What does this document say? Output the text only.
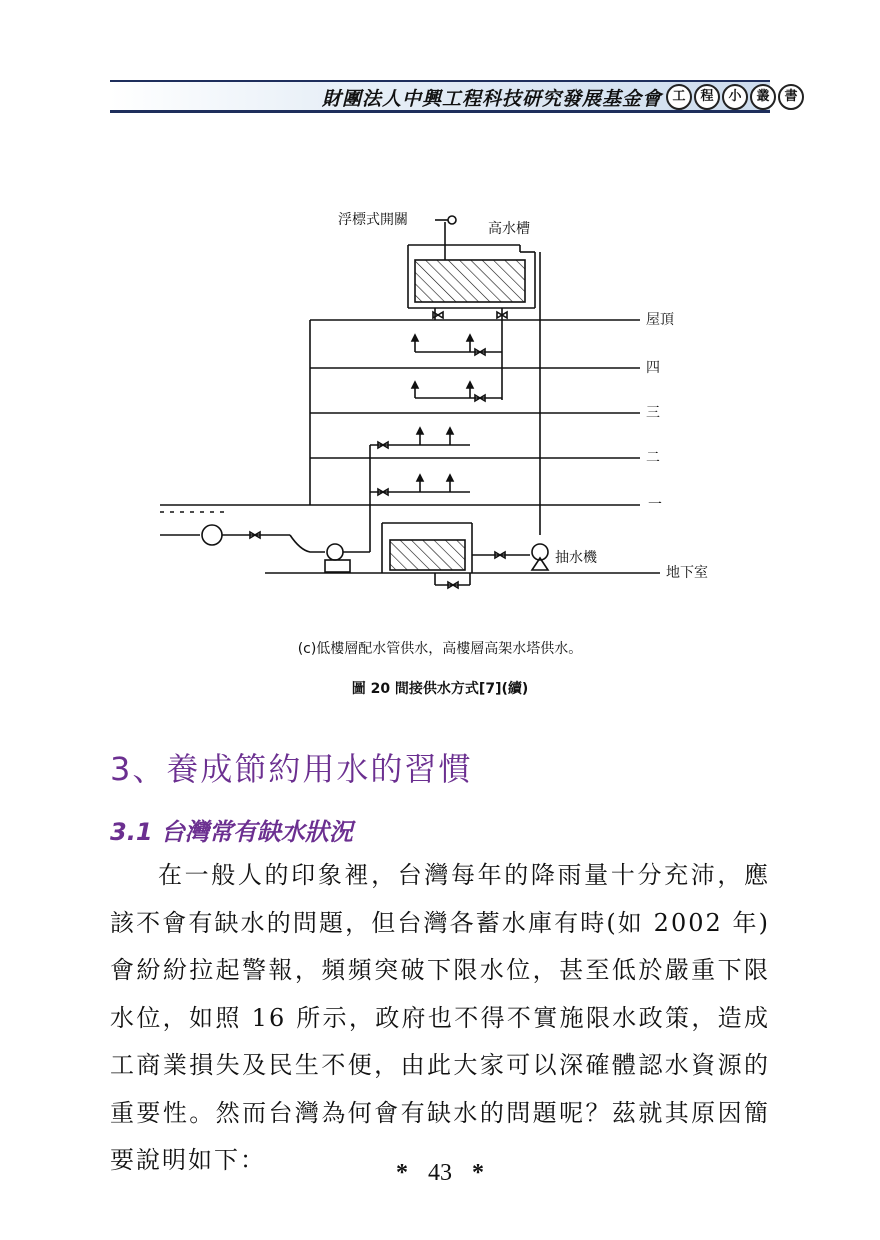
財團法人中興工程科技研究發展基金會 工	程	小	叢	書
浮標式開關
高水槽
屋頂
四
三
二
一
抽水機
地下室
(c)低樓層配水管供水，高樓層高架水塔供水。
圖 20 間接供水方式[7](續)
3、養成節約用水的習慣
3.1 台灣常有缺水狀況

在一般人的印象裡，台灣每年的降雨量十分充沛，應該不會有缺水的問題，但台灣各蓄水庫有時(如 2002 年)會紛紛拉起警報，頻頻突破下限水位，甚至低於嚴重下限水位，如照 16 所示，政府也不得不實施限水政策，造成工商業損失及民生不便，由此大家可以深確體認水資源的重要性。然而台灣為何會有缺水的問題呢？茲就其原因簡要說明如下：	* 43 *
